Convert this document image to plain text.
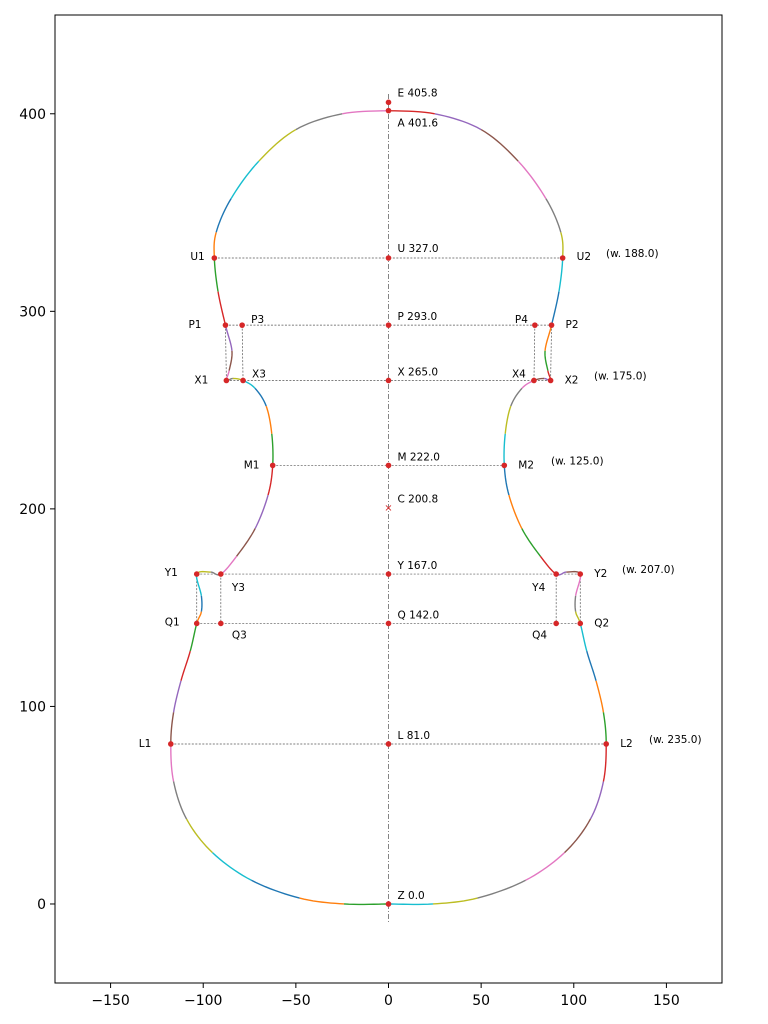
×
E 405.8
A 401.6
U 327.0
P 293.0
X 265.0
M 222.0
C 200.8
Y 167.0
Q 142.0
L 81.0
Z 0.0
U1	U2
P1	P2
P3	P4
X1	X2
X3	X4
M1	M2
Y1	Y2
Y3	Y4
Q1	Q2
Q3	Q4
L1	L2
(w. 188.0)
(w. 175.0)
(w. 125.0)
(w. 207.0)
(w. 235.0)
−150	−100	−50	0	50	100	150
0
100
200
300
400
